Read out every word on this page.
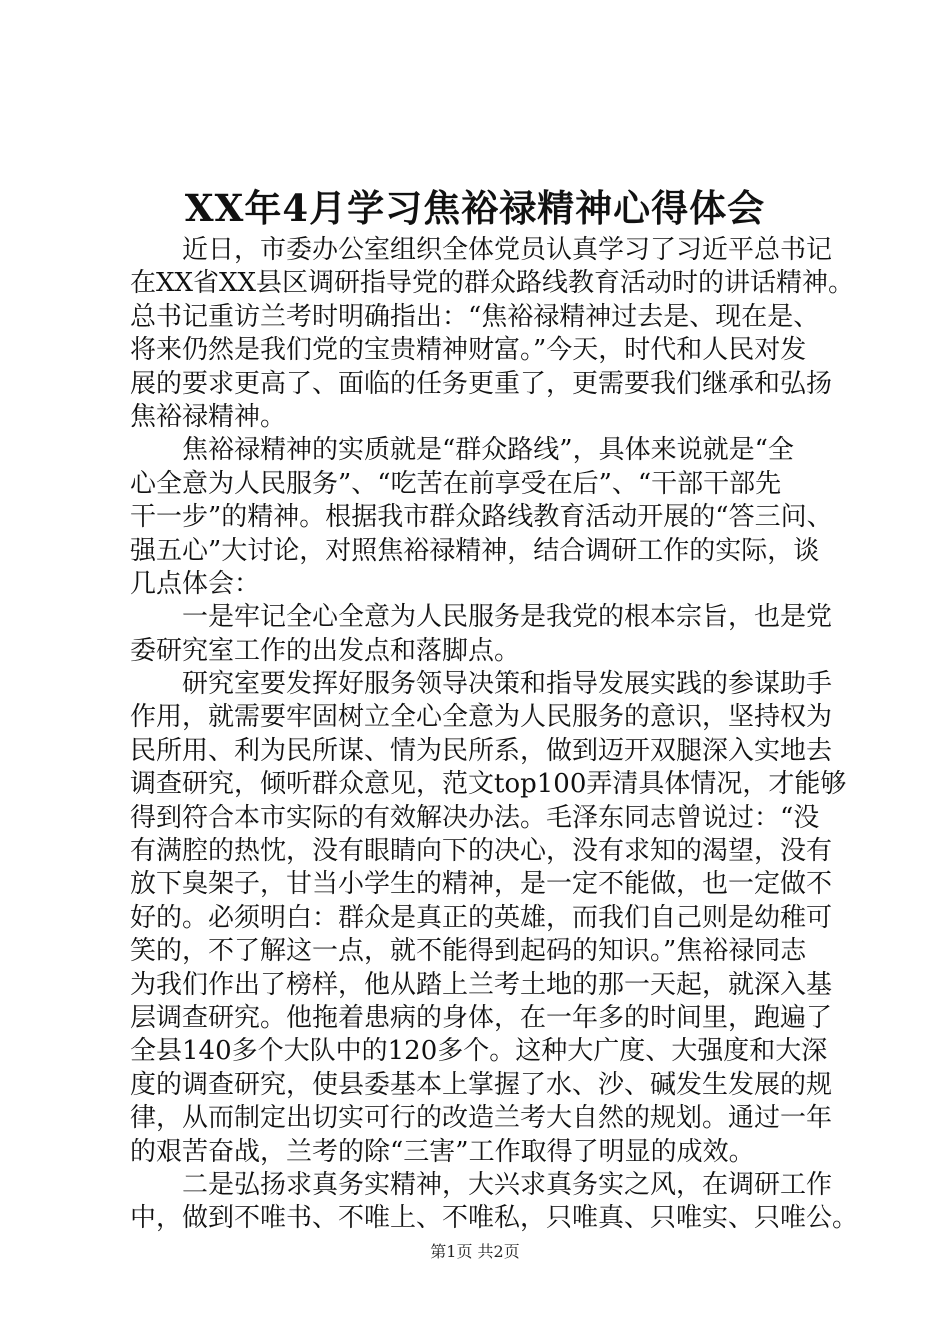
XX年4月学习焦裕禄精神心得体会
近日，市委办公室组织全体党员认真学习了习近平总书记
在XX省XX县区调研指导党的群众路线教育活动时的讲话精神。
总书记重访兰考时明确指出：“焦裕禄精神过去是、现在是、
将来仍然是我们党的宝贵精神财富。”今天，时代和人民对发
展的要求更高了、面临的任务更重了，更需要我们继承和弘扬
焦裕禄精神。
焦裕禄精神的实质就是“群众路线”，具体来说就是“全
心全意为人民服务”、“吃苦在前享受在后”、“干部干部先
干一步”的精神。根据我市群众路线教育活动开展的“答三问、
强五心”大讨论，对照焦裕禄精神，结合调研工作的实际，谈
几点体会：
一是牢记全心全意为人民服务是我党的根本宗旨，也是党
委研究室工作的出发点和落脚点。
研究室要发挥好服务领导决策和指导发展实践的参谋助手
作用，就需要牢固树立全心全意为人民服务的意识，坚持权为
民所用、利为民所谋、情为民所系，做到迈开双腿深入实地去
调查研究，倾听群众意见，范文top100弄清具体情况，才能够
得到符合本市实际的有效解决办法。毛泽东同志曾说过：“没
有满腔的热忱，没有眼睛向下的决心，没有求知的渴望，没有
放下臭架子，甘当小学生的精神，是一定不能做，也一定做不
好的。必须明白：群众是真正的英雄，而我们自己则是幼稚可
笑的，不了解这一点，就不能得到起码的知识。”焦裕禄同志
为我们作出了榜样，他从踏上兰考土地的那一天起，就深入基
层调查研究。他拖着患病的身体，在一年多的时间里，跑遍了
全县140多个大队中的120多个。这种大广度、大强度和大深
度的调查研究，使县委基本上掌握了水、沙、碱发生发展的规
律，从而制定出切实可行的改造兰考大自然的规划。通过一年
的艰苦奋战，兰考的除“三害”工作取得了明显的成效。
二是弘扬求真务实精神，大兴求真务实之风，在调研工作
中，做到不唯书、不唯上、不唯私，只唯真、只唯实、只唯公。
第1页 共2页
